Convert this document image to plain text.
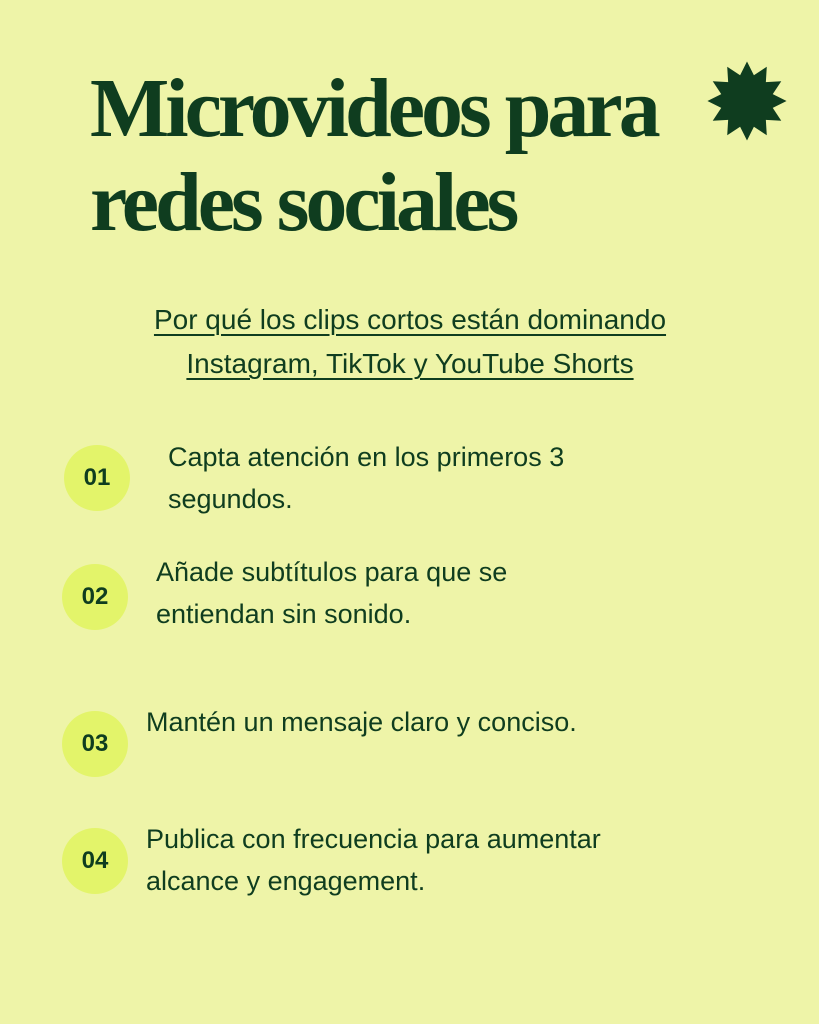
Microvideos para
redes sociales

Por qué los clips cortos están dominando
Instagram, TikTok y YouTube Shorts

01

Capta atención en los primeros 3 segundos.

02

Añade subtítulos para que se entiendan sin sonido.

03

Mantén un mensaje claro y conciso.

04

Publica con frecuencia para aumentar alcance y engagement.
